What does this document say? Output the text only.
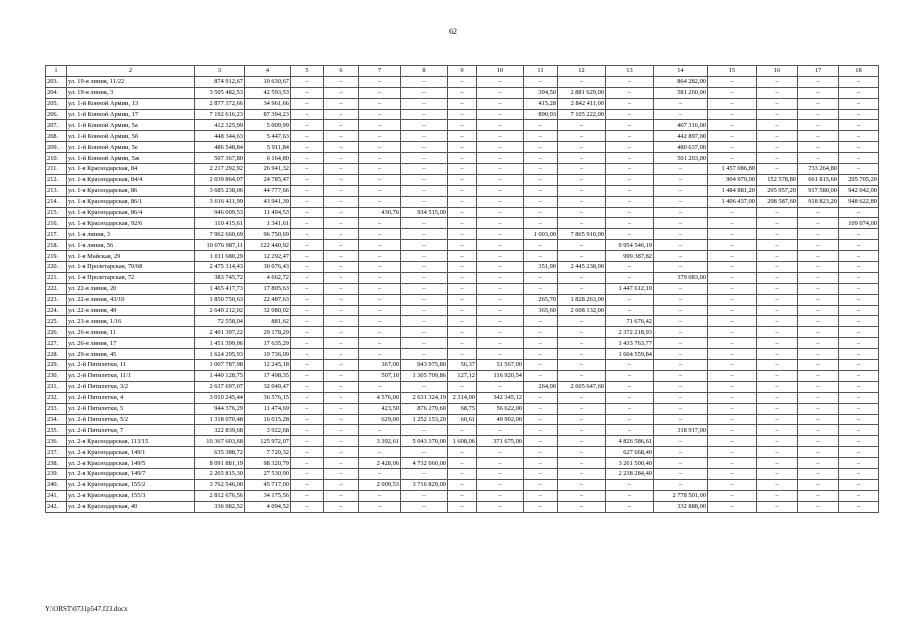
62
1	2	3	4	5	6	7	8	9	10	11	12	13	14	15	16	17	18
203.	ул. 19-я линия, 11/22	874 912,67	10 630,67	–	–	–	–	–	–	–	–	–	864 282,00	–	–	–	–
204.	ул. 19-я линия, 3	3 505 482,53	42 593,53	–	–	–	–	–	–	394,50	2 881 629,00	–	581 260,00	–	–	–	–
205.	ул. 1-й Конной Армии, 13	2 877 372,66	34 961,66	–	–	–	–	–	–	415,28	2 842 411,00	–	–	–	–	–	–
206.	ул. 1-й Конной Армии, 17	7 192 616,23	87 394,23	–	–	–	–	–	–	890,03	7 105 222,00	–	–	–	–	–	–
207.	ул. 1-й Конной Армии, 5а	412 325,99	5 009,99	–	–	–	–	–	–	–	–	–	407 316,00	–	–	–	–
208.	ул. 1-й Конной Армии, 5б	448 344,63	5 447,63	–	–	–	–	–	–	–	–	–	442 897,00	–	–	–	–
209.	ул. 1-й Конной Армии, 5е	486 548,84	5 911,84	–	–	–	–	–	–	–	–	–	480 637,00	–	–	–	–
210.	ул. 1-й Конной Армии, 5ж	507 367,80	6 164,80	–	–	–	–	–	–	–	–	–	501 203,00	–	–	–	–
211.	ул. 1-я Краснодарская, 84	2 217 292,92	26 941,32	–	–	–	–	–	–	–	–	–	–	1 457 086,80	–	733 264,80	–
212.	ул. 1-я Краснодарская, 84/4	2 039 864,07	24 785,47	–	–	–	–	–	–	–	–	–	–	904 979,00	152 578,80	661 815,60	295 705,20
213.	ул. 1-я Краснодарская, 86	3 685 238,06	44 777,66	–	–	–	–	–	–	–	–	–	–	1 484 881,20	295 957,20	917 580,00	942 042,00
214.	ул. 1-я Краснодарская, 86/1	3 616 411,99	43 941,39	–	–	–	–	–	–	–	–	–	–	1 406 437,00	298 587,60	918 823,20	948 622,80
215.	ул. 1-я Краснодарская, 86/4	946 009,53	11 494,53	–	–	430,76	934 515,00	–	–	–	–	–	–	–	–	–	–
216.	ул. 1-я Краснодарская, 92/6	110 415,61	1 341,61	–	–	–	–	–	–	–	–	–	–	–	–	–	109 074,00
217.	ул. 1-я линия, 3	7 962 660,69	96 750,69	–	–	–	–	–	–	1 003,00	7 865 910,00	–	–	–	–	–	–
218.	ул. 1-я линия, 56	10 076 987,11	122 440,92	–	–	–	–	–	–	–	–	9 954 546,19	–	–	–	–	–
219.	ул. 1-я Майская, 29	1 011 680,29	12 292,47	–	–	–	–	–	–	–	–	999 387,82	–	–	–	–	–
220.	ул. 1-я Пролетарская, 70/68	2 475 314,43	30 076,43	–	–	–	–	–	–	351,90	2 445 238,00	–	–	–	–	–	–
221.	ул. 1-я Пролетарская, 72	383 745,72	4 662,72	–	–	–	–	–	–	–	–	–	379 083,00	–	–	–	–
222.	ул. 22-я линия, 20	1 465 417,73	17 805,63	–	–	–	–	–	–	–	–	1 447 612,10	–	–	–	–	–
223.	ул. 22-я линия, 43/10	1 850 750,63	22 487,63	–	–	–	–	–	–	265,70	1 828 263,00	–	–	–	–	–	–
224.	ул. 22-я линия, 49	2 640 212,02	32 080,02	–	–	–	–	–	–	365,60	2 608 132,00	–	–	–	–	–	–
225.	ул. 23-я линия, 1/16	72 558,04	881,62	–	–	–	–	–	–	–	–	71 676,42	–	–	–	–	–
226.	ул. 26-я линия, 11	2 401 397,22	29 178,29	–	–	–	–	–	–	–	–	2 372 218,93	–	–	–	–	–
227.	ул. 26-я линия, 17	1 451 399,06	17 635,29	–	–	–	–	–	–	–	–	1 433 763,77	–	–	–	–	–
228.	ул. 29-я линия, 45	1 624 295,93	19 736,09	–	–	–	–	–	–	–	–	1 604 559,84	–	–	–	–	–
229.	ул. 2-й Пятилетки, 11	1 007 787,98	12 245,18	–	–	367,00	943 975,80	56,37	51 567,00	–	–	–	–	–	–	–	–
230.	ул. 2-й Пятилетки, 11/1	1 440 128,75	17 498,35	–	–	507,10	1 305 709,86	127,12	116 920,54	–	–	–	–	–	–	–	–
231.	ул. 2-й Пятилетки, 3/2	2 637 697,07	32 049,47	–	–	–	–	–	–	264,00	2 605 647,60	–	–	–	–	–	–
232.	ул. 2-й Пятилетки, 4	3 010 245,44	36 576,15	–	–	4 576,00	2 631 324,19	2 314,00	342 345,12	–	–	–	–	–	–	–	–
233.	ул. 2-й Пятилетки, 5	944 376,29	11 474,69	–	–	423,50	876 279,60	68,75	56 622,00	–	–	–	–	–	–	–	–
234.	ул. 2-й Пятилетки, 5/2	1 318 070,48	16 015,28	–	–	629,00	1 252 153,20	60,61	49 902,00	–	–	–	–	–	–	–	–
235.	ул. 2-й Пятилетки, 7	322 839,68	3 922,68	–	–	–	–	–	–	–	–	–	318 917,00	–	–	–	–
236.	ул. 2-я Краснодарская, 113/15	10 367 603,68	125 972,07	–	–	3 392,61	5 043 370,00	1 608,06	371 675,00	–	–	4 826 586,61	–	–	–	–	–
237.	ул. 2-я Краснодарская, 149/1	635 388,72	7 720,32	–	–	–	–	–	–	–	–	627 668,40	–	–	–	–	–
238.	ул. 2-я Краснодарская, 149/5	8 091 881,19	98 320,79	–	–	2 428,06	4 732 060,00	–	–	–	–	3 261 500,40	–	–	–	–	–
239.	ул. 2-я Краснодарская, 149/7	2 265 815,30	27 530,90	–	–	–	–	–	–	–	–	2 238 284,40	–	–	–	–	–
240.	ул. 2-я Краснодарская, 155/2	3 762 546,00	45 717,00	–	–	2 009,53	3 716 829,00	–	–	–	–	–	–	–	–	–	–
241.	ул. 2-я Краснодарская, 155/3	2 812 676,56	34 175,56	–	–	–	–	–	–	–	–	–	2 778 501,00	–	–	–	–
242.	ул. 2-я Краснодарская, 40	336 982,52	4 094,52	–	–	–	–	–	–	–	–	–	332 888,00	–	–	–	–
Y:\ORST\0731p547.f23.docx
